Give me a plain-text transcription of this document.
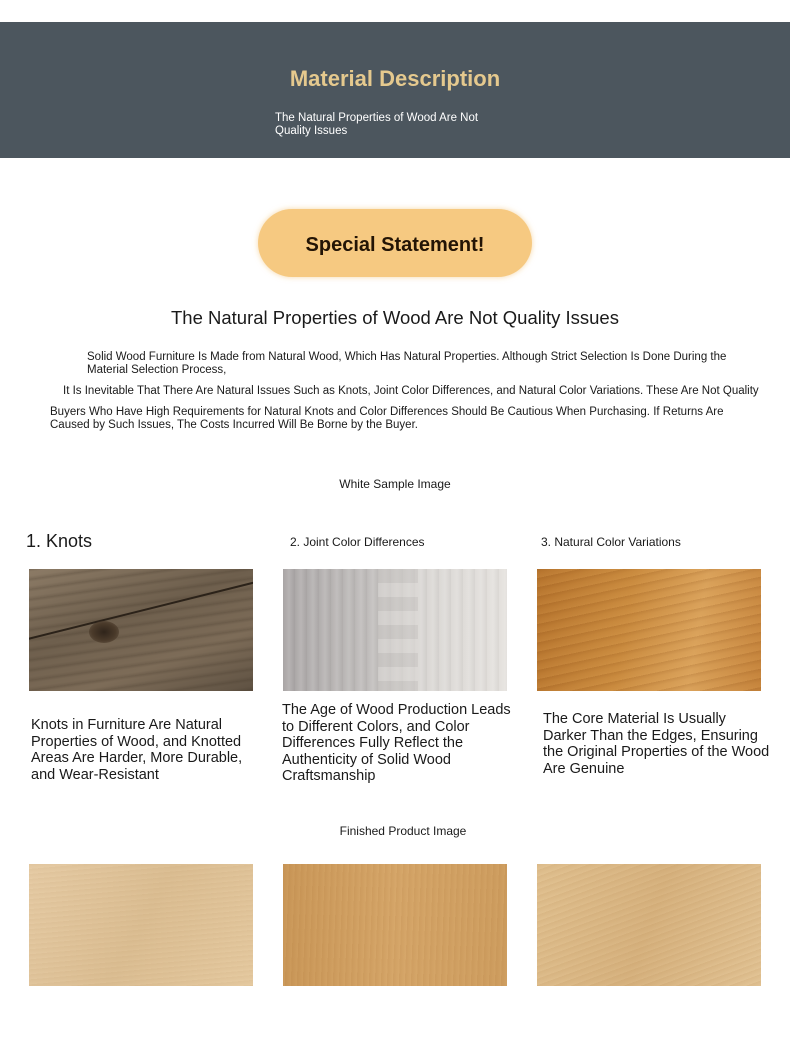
Material Description
The Natural Properties of Wood Are Not Quality Issues
Special Statement!
The Natural Properties of Wood Are Not Quality Issues
Solid Wood Furniture Is Made from Natural Wood, Which Has Natural Properties. Although Strict Selection Is Done During the Material Selection Process,
It Is Inevitable That There Are Natural Issues Such as Knots, Joint Color Differences, and Natural Color Variations. These Are Not Quality
Buyers Who Have High Requirements for Natural Knots and Color Differences Should Be Cautious When Purchasing. If Returns Are Caused by Such Issues, The Costs Incurred Will Be Borne by the Buyer.
White Sample Image
1. Knots	2. Joint Color Differences	3. Natural Color Variations
Knots in Furniture Are Natural Properties of Wood, and Knotted Areas Are Harder, More Durable, and Wear-Resistant
The Age of Wood Production Leads to Different Colors, and Color Differences Fully Reflect the Authenticity of Solid Wood Craftsmanship
The Core Material Is Usually Darker Than the Edges, Ensuring the Original Properties of the Wood Are Genuine
Finished Product Image
